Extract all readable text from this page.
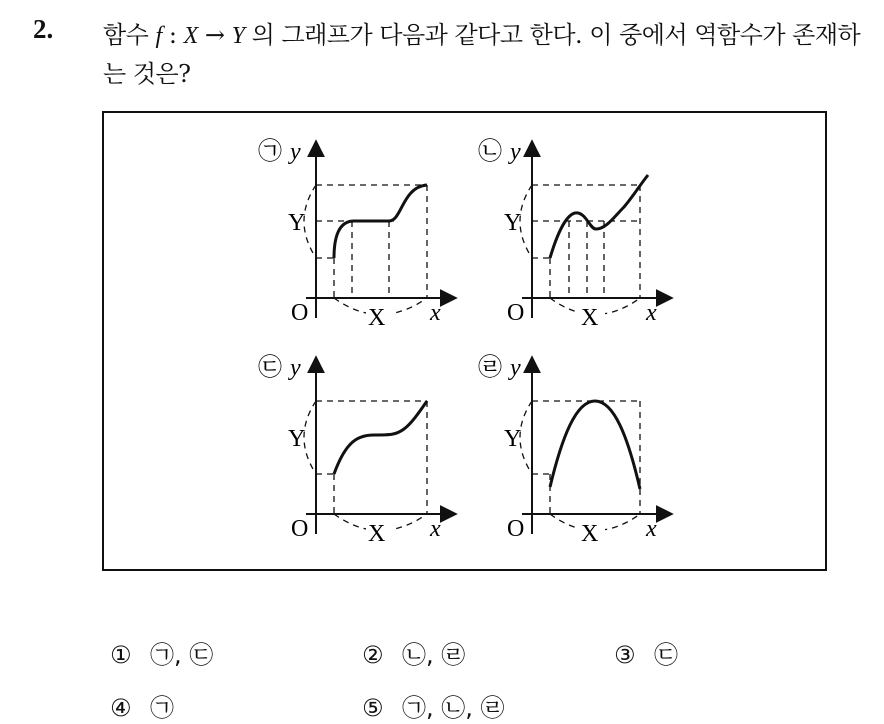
2. 함수 f : X → Y 의 그래프가 다음과 같다고 한다. 이 중에서 역함수가 존재하는 것은?
㉠ y
O	x
Y
X
㉡ y
O	x
Y
X
㉢ y
O	x
Y
X
㉣ y
O	x
Y
X
① ㉠, ㉢	② ㉡, ㉣	③ ㉢
④ ㉠	⑤ ㉠, ㉡, ㉣
